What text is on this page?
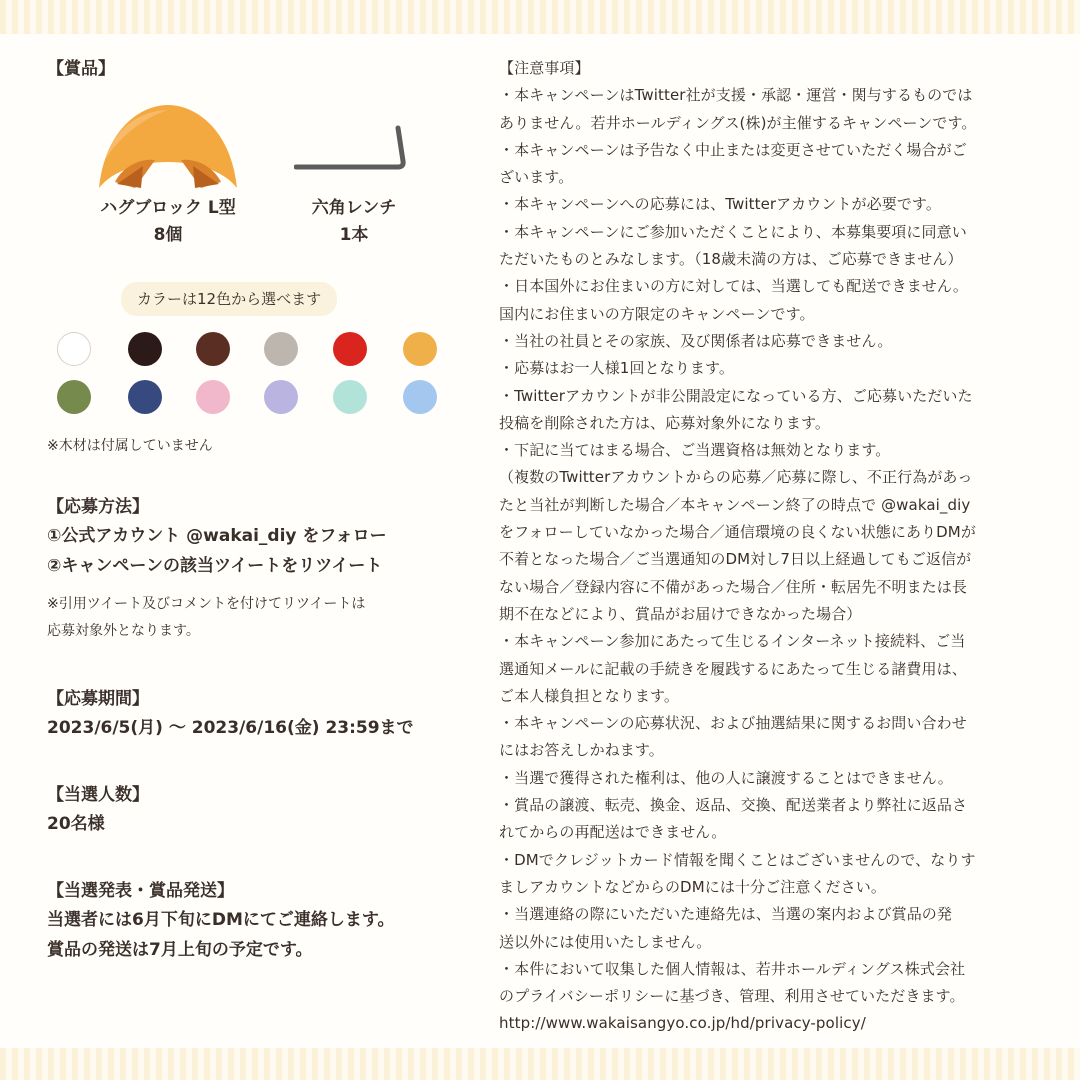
【賞品】

ハグブロック L型
8個
六角レンチ
1本
カラーは12色から選べます

※木材は付属していません

【応募方法】

①公式アカウント @wakai_diy をフォロー

②キャンペーンの該当ツイートをリツイート

※引用ツイート及びコメントを付けてリツイートは

応募対象外となります。

【応募期間】

2023/6/5(月) 〜 2023/6/16(金) 23:59まで

【当選人数】

20名様

【当選発表・賞品発送】

当選者には6月下旬にDMにてご連絡します。

賞品の発送は7月上旬の予定です。

【注意事項】

・本キャンペーンはTwitter社が支援・承認・運営・関与するものでは

ありません。若井ホールディングス(株)が主催するキャンペーンです。

・本キャンペーンは予告なく中止または変更させていただく場合がご

ざいます。

・本キャンペーンへの応募には、Twitterアカウントが必要です。

・本キャンペーンにご参加いただくことにより、本募集要項に同意い

ただいたものとみなします。（18歳未満の方は、ご応募できません）

・日本国外にお住まいの方に対しては、当選しても配送できません。

国内にお住まいの方限定のキャンペーンです。

・当社の社員とその家族、及び関係者は応募できません。

・応募はお一人様1回となります。

・Twitterアカウントが非公開設定になっている方、ご応募いただいた

投稿を削除された方は、応募対象外になります。

・下記に当てはまる場合、ご当選資格は無効となります。

（複数のTwitterアカウントからの応募／応募に際し、不正行為があっ

たと当社が判断した場合／本キャンペーン終了の時点で @wakai_diy

をフォローしていなかった場合／通信環境の良くない状態にありDMが

不着となった場合／ご当選通知のDM対し7日以上経過してもご返信が

ない場合／登録内容に不備があった場合／住所・転居先不明または長

期不在などにより、賞品がお届けできなかった場合）

・本キャンペーン参加にあたって生じるインターネット接続料、ご当

選通知メールに記載の手続きを履践するにあたって生じる諸費用は、

ご本人様負担となります。

・本キャンペーンの応募状況、および抽選結果に関するお問い合わせ

にはお答えしかねます。

・当選で獲得された権利は、他の人に譲渡することはできません。

・賞品の譲渡、転売、換金、返品、交換、配送業者より弊社に返品さ

れてからの再配送はできません。

・DMでクレジットカード情報を聞くことはございませんので、なりす

ましアカウントなどからのDMには十分ご注意ください。

・当選連絡の際にいただいた連絡先は、当選の案内および賞品の発

送以外には使用いたしません。

・本件において収集した個人情報は、若井ホールディングス株式会社

のプライバシーポリシーに基づき、管理、利用させていただきます。

http://www.wakaisangyo.co.jp/hd/privacy-policy/
